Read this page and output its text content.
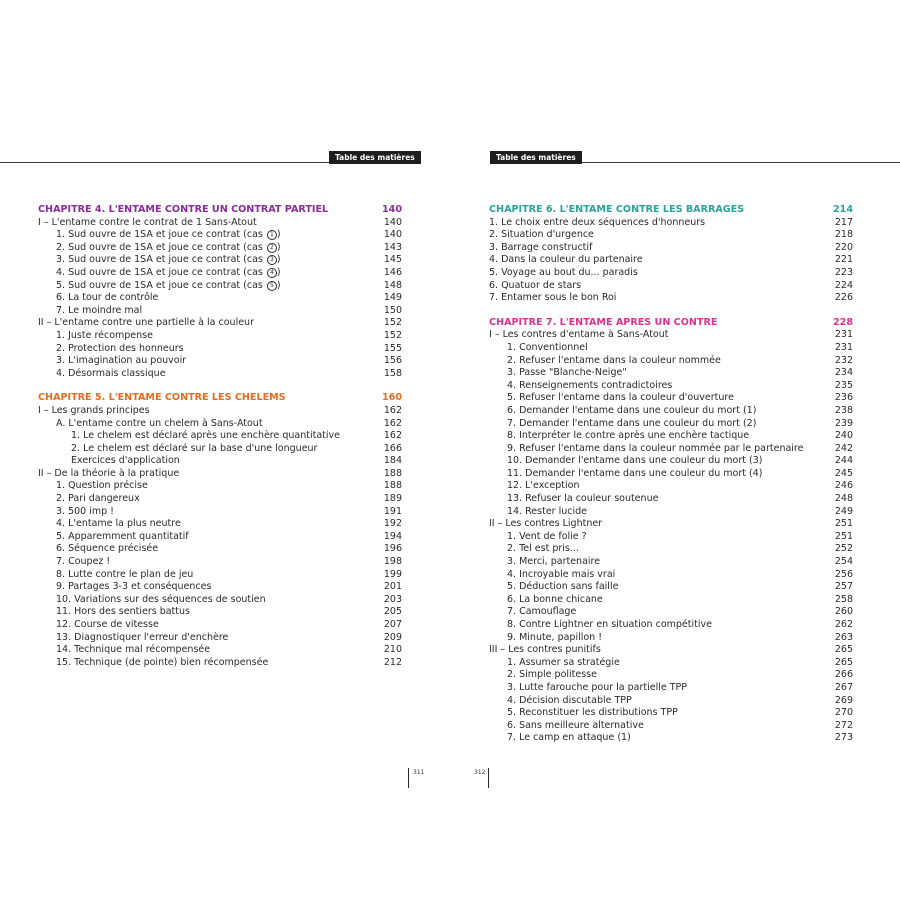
Table des matières	Table des matières
CHAPITRE 4. L'ENTAME CONTRE UN CONTRAT PARTIEL	140
I – L'entame contre le contrat de 1 Sans-Atout	140
1. Sud ouvre de 1SA et joue ce contrat (cas 1 )	140
2. Sud ouvre de 1SA et joue ce contrat (cas 2 )	143
3. Sud ouvre de 1SA et joue ce contrat (cas 3 )	145
4. Sud ouvre de 1SA et joue ce contrat (cas 4 )	146
5. Sud ouvre de 1SA et joue ce contrat (cas 5 )	148
6. La tour de contrôle	149
7. Le moindre mal	150
II – L'entame contre une partielle à la couleur	152
1. Juste récompense	152
2. Protection des honneurs	155
3. L'imagination au pouvoir	156
4. Désormais classique	158
CHAPITRE 5. L'ENTAME CONTRE LES CHELEMS	160
I – Les grands principes	162
A. L'entame contre un chelem à Sans-Atout	162
1. Le chelem est déclaré après une enchère quantitative	162
2. Le chelem est déclaré sur la base d'une longueur	166
Exercices d'application	184
II – De la théorie à la pratique	188
1. Question précise	188
2. Pari dangereux	189
3. 500 imp !	191
4. L'entame la plus neutre	192
5. Apparemment quantitatif	194
6. Séquence précisée	196
7. Coupez !	198
8. Lutte contre le plan de jeu	199
9. Partages 3-3 et conséquences	201
10. Variations sur des séquences de soutien	203
11. Hors des sentiers battus	205
12. Course de vitesse	207
13. Diagnostiquer l'erreur d'enchère	209
14. Technique mal récompensée	210
15. Technique (de pointe) bien récompensée	212
CHAPITRE 6. L'ENTAME CONTRE LES BARRAGES	214
1. Le choix entre deux séquences d'honneurs	217
2. Situation d'urgence	218
3. Barrage constructif	220
4. Dans la couleur du partenaire	221
5. Voyage au bout du... paradis	223
6. Quatuor de stars	224
7. Entamer sous le bon Roi	226
CHAPITRE 7. L'ENTAME APRÈS UN CONTRE	228
I – Les contres d'entame à Sans-Atout	231
1. Conventionnel	231
2. Refuser l'entame dans la couleur nommée	232
3. Passe "Blanche-Neige"	234
4. Renseignements contradictoires	235
5. Refuser l'entame dans la couleur d'ouverture	236
6. Demander l'entame dans une couleur du mort (1)	238
7. Demander l'entame dans une couleur du mort (2)	239
8. Interpréter le contre après une enchère tactique	240
9. Refuser l'entame dans la couleur nommée par le partenaire	242
10. Demander l'entame dans une couleur du mort (3)	244
11. Demander l'entame dans une couleur du mort (4)	245
12. L'exception	246
13. Refuser la couleur soutenue	248
14. Rester lucide	249
II – Les contres Lightner	251
1. Vent de folie ?	251
2. Tel est pris...	252
3. Merci, partenaire	254
4. Incroyable mais vrai	256
5. Déduction sans faille	257
6. La bonne chicane	258
7. Camouflage	260
8. Contre Lightner en situation compétitive	262
9. Minute, papillon !	263
III – Les contres punitifs	265
1. Assumer sa stratégie	265
2. Simple politesse	266
3. Lutte farouche pour la partielle TPP	267
4. Décision discutable TPP	269
5. Reconstituer les distributions TPP	270
6. Sans meilleure alternative	272
7. Le camp en attaque (1)	273
311	312
